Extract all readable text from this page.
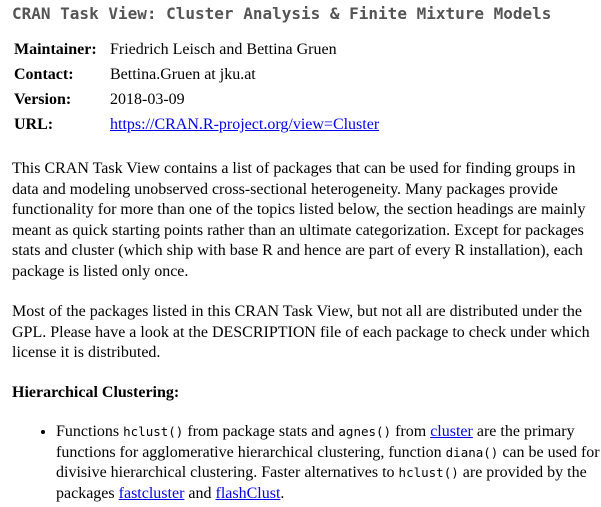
CRAN Task View: Cluster Analysis & Finite Mixture Models
Maintainer:	Friedrich Leisch and Bettina Gruen
Contact:	Bettina.Gruen at jku.at
Version:	2018-03-09
URL:	https://CRAN.R-project.org/view=Cluster

This CRAN Task View contains a list of packages that can be used for finding groups in data and modeling unobserved cross-sectional heterogeneity. Many packages provide functionality for more than one of the topics listed below, the section headings are mainly meant as quick starting points rather than an ultimate categorization. Except for packages stats and cluster (which ship with base R and hence are part of every R installation), each package is listed only once.

Most of the packages listed in this CRAN Task View, but not all are distributed under the GPL. Please have a look at the DESCRIPTION file of each package to check under which license it is distributed.

Hierarchical Clustering:
• Functions hclust() from package stats and agnes() from cluster are the primary functions for agglomerative hierarchical clustering, function diana() can be used for divisive hierarchical clustering. Faster alternatives to hclust() are provided by the packages fastcluster and flashClust.
